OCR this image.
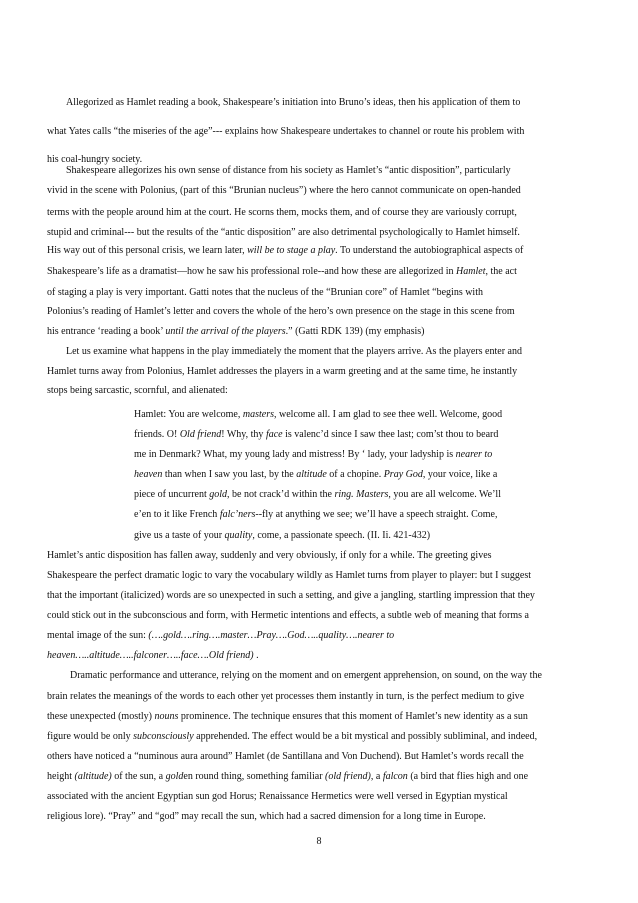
Allegorized as Hamlet reading a book, Shakespeare’s initiation into Bruno’s ideas, then his application of them to
what Yates calls “the miseries of the age”--- explains how Shakespeare undertakes to channel or route his problem with
his coal-hungry society.
Shakespeare allegorizes his own sense of distance from his society as Hamlet’s “antic disposition”, particularly
vivid in the scene with Polonius, (part of this “Brunian nucleus”) where the hero cannot communicate on open-handed
terms with the people around him at the court. He scorns them, mocks them, and of course they are variously corrupt,
stupid and criminal--- but the results of the “antic disposition” are also detrimental psychologically to Hamlet himself.
His way out of this personal crisis, we learn later, will be to stage a play. To understand the autobiographical aspects of
Shakespeare’s life as a dramatist—how he saw his professional role--and how these are allegorized in Hamlet, the act
of staging a play is very important. Gatti notes that the nucleus of the “Brunian core” of Hamlet “begins with
Polonius’s reading of Hamlet’s letter and covers the whole of the hero’s own presence on the stage in this scene from
his entrance ‘reading a book’ until the arrival of the players.” (Gatti RDK 139) (my emphasis)
Let us examine what happens in the play immediately the moment that the players arrive. As the players enter and
Hamlet turns away from Polonius, Hamlet addresses the players in a warm greeting and at the same time, he instantly
stops being sarcastic, scornful, and alienated:
Hamlet: You are welcome, masters, welcome all. I am glad to see thee well. Welcome, good
friends. O! Old friend! Why, thy face is valenc’d since I saw thee last; com’st thou to beard
me in Denmark? What, my young lady and mistress! By ‘ lady, your ladyship is nearer to
heaven than when I saw you last, by the altitude of a chopine. Pray God, your voice, like a
piece of uncurrent gold, be not crack’d within the ring. Masters, you are all welcome. We’ll
e’en to it like French falc’ners--fly at anything we see; we’ll have a speech straight. Come,
give us a taste of your quality, come, a passionate speech. (II. Ii. 421-432)
Hamlet’s antic disposition has fallen away, suddenly and very obviously, if only for a while. The greeting gives
Shakespeare the perfect dramatic logic to vary the vocabulary wildly as Hamlet turns from player to player: but I suggest
that the important (italicized) words are so unexpected in such a setting, and give a jangling, startling impression that they
could stick out in the subconscious and form, with Hermetic intentions and effects, a subtle web of meaning that forms a
mental image of the sun: (….gold….ring….master…Pray….God…..quality….nearer to
heaven…..altitude…..falconer…..face….Old friend) .
Dramatic performance and utterance, relying on the moment and on emergent apprehension, on sound, on the way the
brain relates the meanings of the words to each other yet processes them instantly in turn, is the perfect medium to give
these unexpected (mostly) nouns prominence. The technique ensures that this moment of Hamlet’s new identity as a sun
figure would be only subconsciously apprehended. The effect would be a bit mystical and possibly subliminal, and indeed,
others have noticed a “numinous aura around” Hamlet (de Santillana and Von Duchend). But Hamlet’s words recall the
height (altitude) of the sun, a golden round thing, something familiar (old friend), a falcon (a bird that flies high and one
associated with the ancient Egyptian sun god Horus; Renaissance Hermetics were well versed in Egyptian mystical
religious lore). “Pray” and “god” may recall the sun, which had a sacred dimension for a long time in Europe.
8
